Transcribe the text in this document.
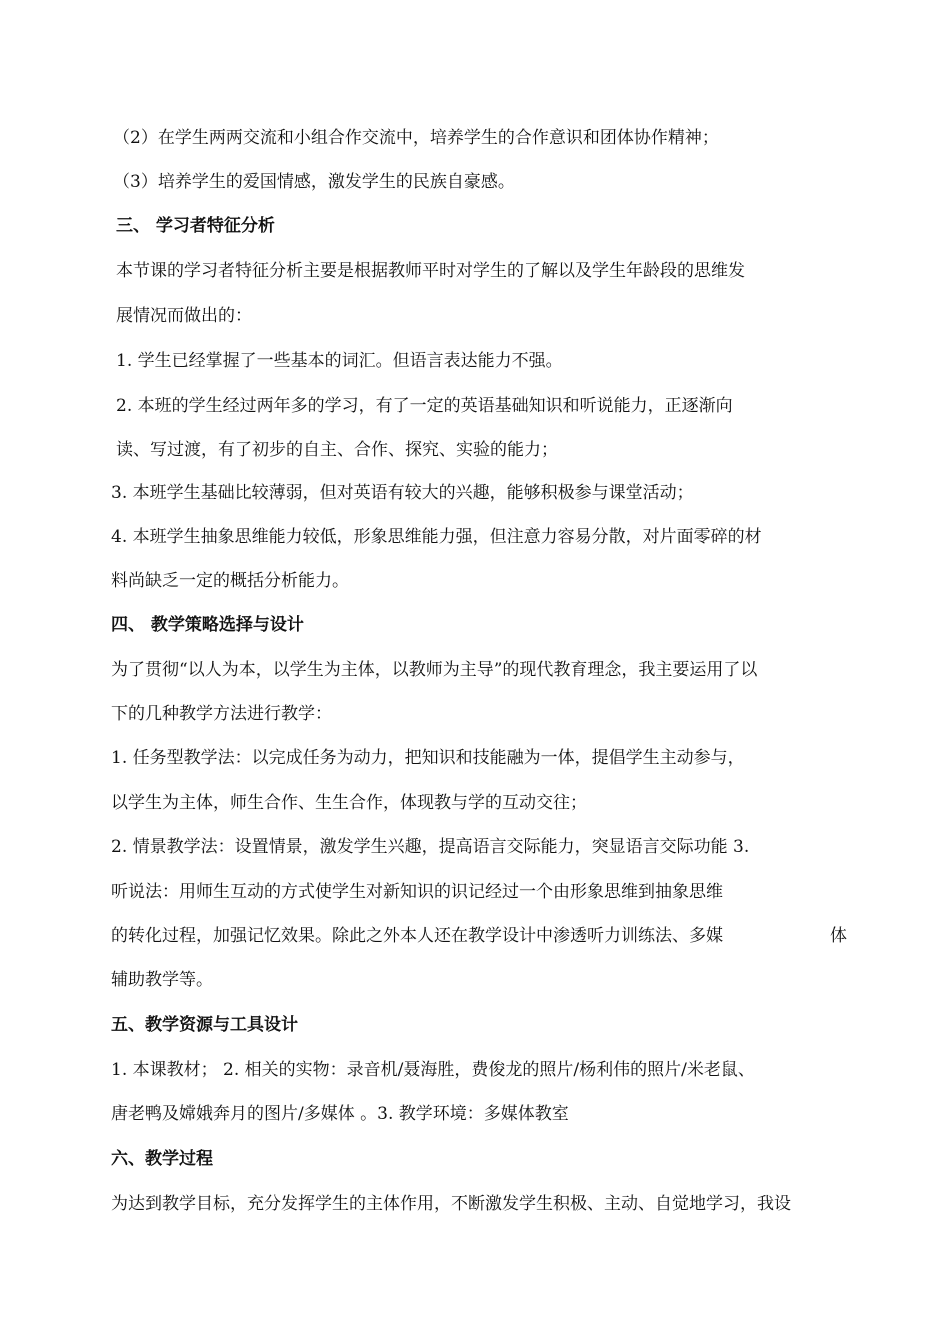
（2）在学生两两交流和小组合作交流中，培养学生的合作意识和团体协作精神；
（3）培养学生的爱国情感，激发学生的民族自豪感。
三、 学习者特征分析
本节课的学习者特征分析主要是根据教师平时对学生的了解以及学生年龄段的思维发
展情况而做出的：
1. 学生已经掌握了一些基本的词汇。但语言表达能力不强。
2. 本班的学生经过两年多的学习，有了一定的英语基础知识和听说能力，正逐渐向
读、写过渡，有了初步的自主、合作、探究、实验的能力；
3. 本班学生基础比较薄弱，但对英语有较大的兴趣，能够积极参与课堂活动；
4. 本班学生抽象思维能力较低，形象思维能力强，但注意力容易分散，对片面零碎的材
料尚缺乏一定的概括分析能力。
四、 教学策略选择与设计
为了贯彻“以人为本，以学生为主体，以教师为主导”的现代教育理念，我主要运用了以
下的几种教学方法进行教学：
1. 任务型教学法：以完成任务为动力，把知识和技能融为一体，提倡学生主动参与，
以学生为主体，师生合作、生生合作，体现教与学的互动交往；
2. 情景教学法：设置情景，激发学生兴趣，提高语言交际能力，突显语言交际功能 3.
听说法：用师生互动的方式使学生对新知识的识记经过一个由形象思维到抽象思维
的转化过程，加强记忆效果。除此之外本人还在教学设计中渗透听力训练法、多媒	体
辅助教学等。
五、教学资源与工具设计
1. 本课教材； 2. 相关的实物：录音机/聂海胜，费俊龙的照片/杨利伟的照片/米老鼠、
唐老鸭及嫦娥奔月的图片/多媒体 。3. 教学环境：多媒体教室
六、教学过程
为达到教学目标，充分发挥学生的主体作用，不断激发学生积极、主动、自觉地学习，我设
